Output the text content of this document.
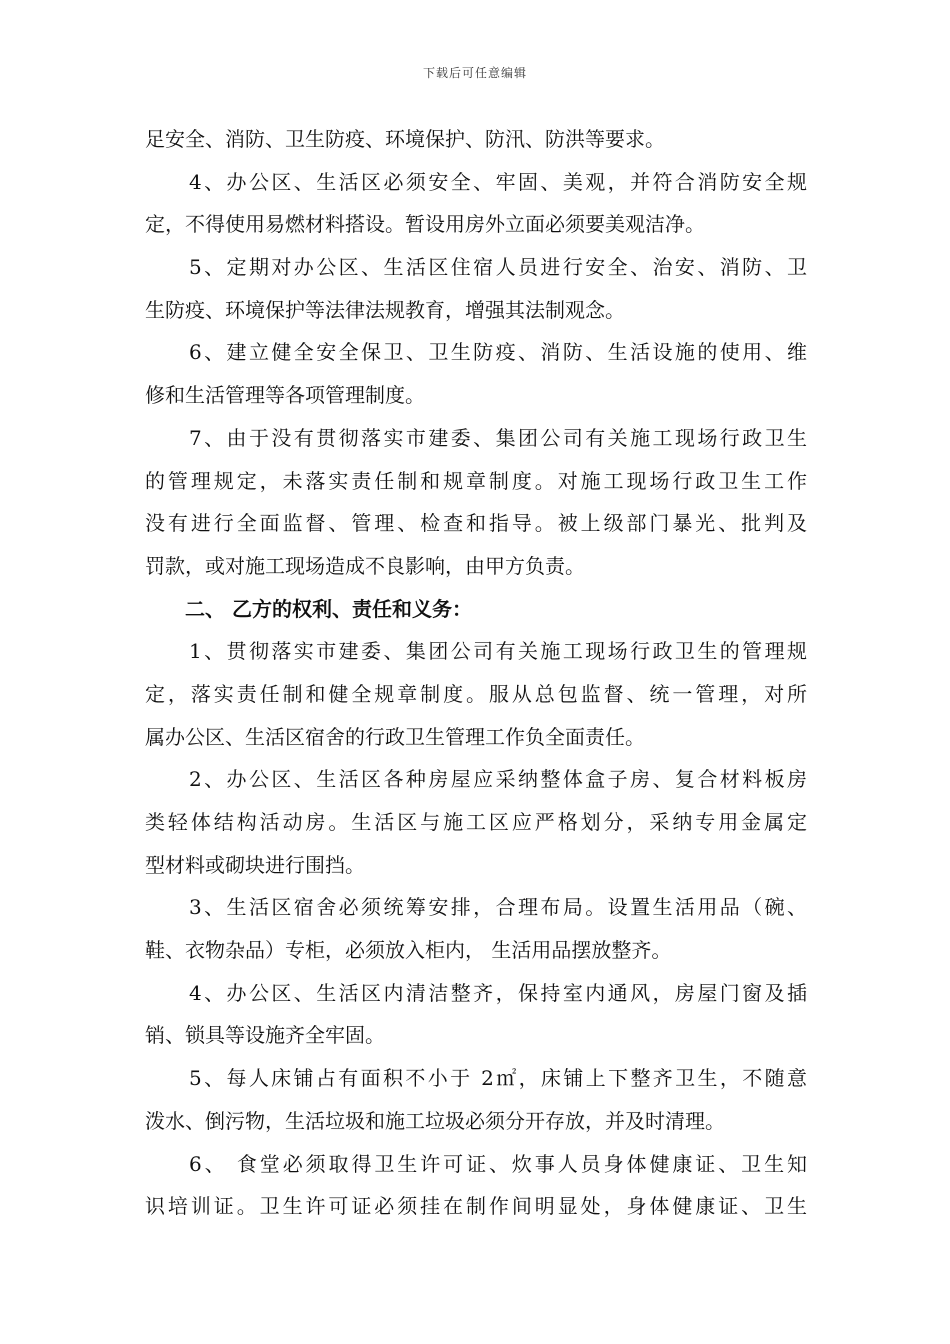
下载后可任意编辑
足安全、消防、卫生防疫、环境保护、防汛、防洪等要求。
4、办公区、生活区必须安全、牢固、美观，并符合消防安全规
定，不得使用易燃材料搭设。暂设用房外立面必须要美观洁净。
5、定期对办公区、生活区住宿人员进行安全、治安、消防、卫
生防疫、环境保护等法律法规教育，增强其法制观念。
6、建立健全安全保卫、卫生防疫、消防、生活设施的使用、维
修和生活管理等各项管理制度。
7、由于没有贯彻落实市建委、集团公司有关施工现场行政卫生
的管理规定，未落实责任制和规章制度。对施工现场行政卫生工作
没有进行全面监督、管理、检查和指导。被上级部门暴光、批判及
罚款，或对施工现场造成不良影响，由甲方负责。
二、 乙方的权利、责任和义务：
1、贯彻落实市建委、集团公司有关施工现场行政卫生的管理规
定，落实责任制和健全规章制度。服从总包监督、统一管理，对所
属办公区、生活区宿舍的行政卫生管理工作负全面责任。
2、办公区、生活区各种房屋应采纳整体盒子房、复合材料板房
类轻体结构活动房。生活区与施工区应严格划分，采纳专用金属定
型材料或砌块进行围挡。
3、生活区宿舍必须统筹安排，合理布局。设置生活用品（碗、
鞋、衣物杂品）专柜，必须放入柜内， 生活用品摆放整齐。
4、办公区、生活区内清洁整齐，保持室内通风，房屋门窗及插
销、锁具等设施齐全牢固。
5、每人床铺占有面积不小于 2㎡，床铺上下整齐卫生，不随意
泼水、倒污物，生活垃圾和施工垃圾必须分开存放，并及时清理。
6、 食堂必须取得卫生许可证、炊事人员身体健康证、卫生知
识培训证。卫生许可证必须挂在制作间明显处，身体健康证、卫生
